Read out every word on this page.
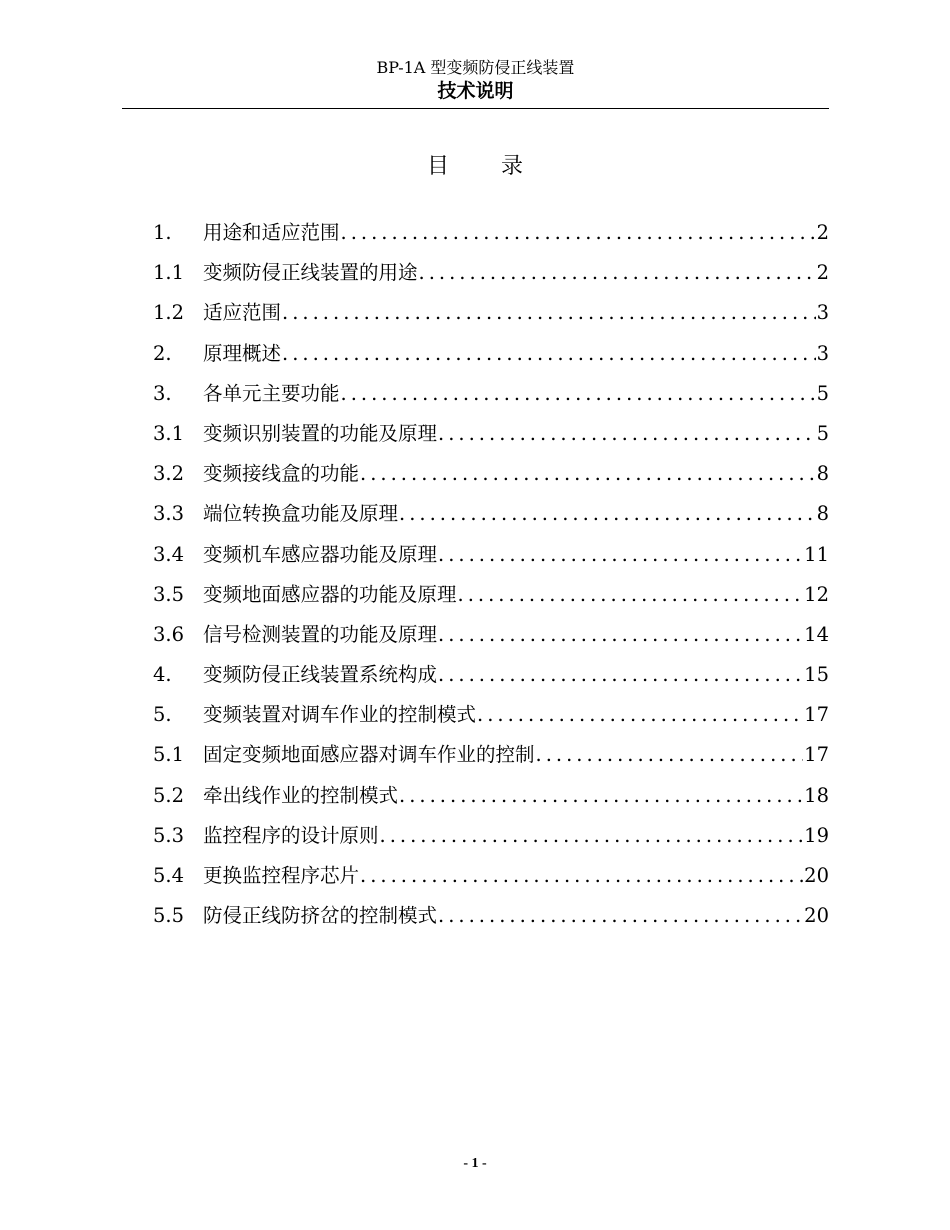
BP-1A 型变频防侵正线装置
技术说明
目 录
1.	用途和适应范围 .....	2
1.1 变频防侵正线装置的用途 .....	2
1.2 适应范围 .....	3
2.	原理概述 .....	3
3.	各单元主要功能 .....	5
3.1 变频识别装置的功能及原理 .....	5
3.2 变频接线盒的功能 .....	8
3.3 端位转换盒功能及原理 .....	8
3.4 变频机车感应器功能及原理 .....	11
3.5 变频地面感应器的功能及原理 .....	12
3.6 信号检测装置的功能及原理 .....	14
4.	变频防侵正线装置系统构成 .....	15
5.	变频装置对调车作业的控制模式 .....	17
5.1 固定变频地面感应器对调车作业的控制 .....	17
5.2 牵出线作业的控制模式 .....	18
5.3 监控程序的设计原则 .....	19
5.4 更换监控程序芯片 .....	20
5.5 防侵正线防挤岔的控制模式 .....	20
- 1 -
